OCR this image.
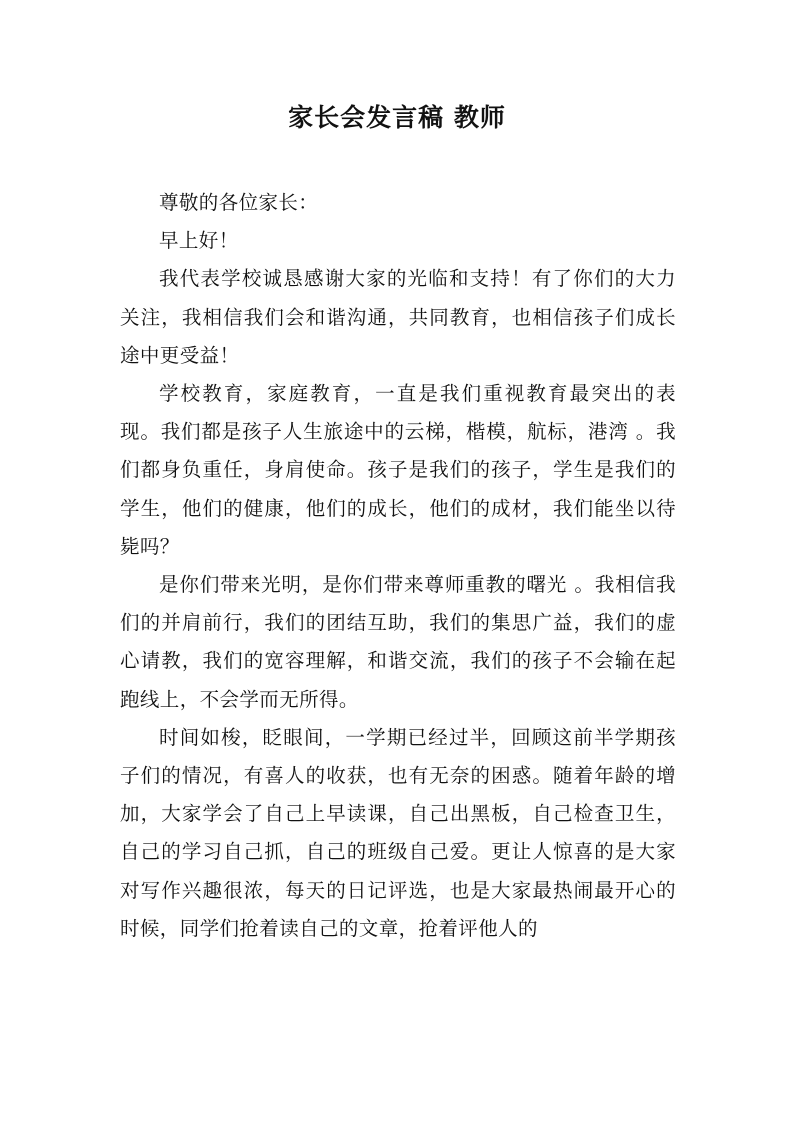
家长会发言稿 教师

尊敬的各位家长：

早上好！

我代表学校诚恳感谢大家的光临和支持！有了你们的大力关注，我相信我们会和谐沟通，共同教育，也相信孩子们成长途中更受益！

学校教育，家庭教育，一直是我们重视教育最突出的表现。我们都是孩子人生旅途中的云梯，楷模，航标，港湾 。我们都身负重任，身肩使命。孩子是我们的孩子，学生是我们的学生，他们的健康，他们的成长，他们的成材，我们能坐以待毙吗？

是你们带来光明，是你们带来尊师重教的曙光 。我相信我们的并肩前行，我们的团结互助，我们的集思广益，我们的虚心请教，我们的宽容理解，和谐交流，我们的孩子不会输在起跑线上，不会学而无所得。

时间如梭，眨眼间，一学期已经过半，回顾这前半学期孩子们的情况，有喜人的收获，也有无奈的困惑。随着年龄的增加，大家学会了自己上早读课，自己出黑板，自己检查卫生，自己的学习自己抓，自己的班级自己爱。更让人惊喜的是大家对写作兴趣很浓，每天的日记评选，也是大家最热闹最开心的时候，同学们抢着读自己的文章，抢着评他人的
